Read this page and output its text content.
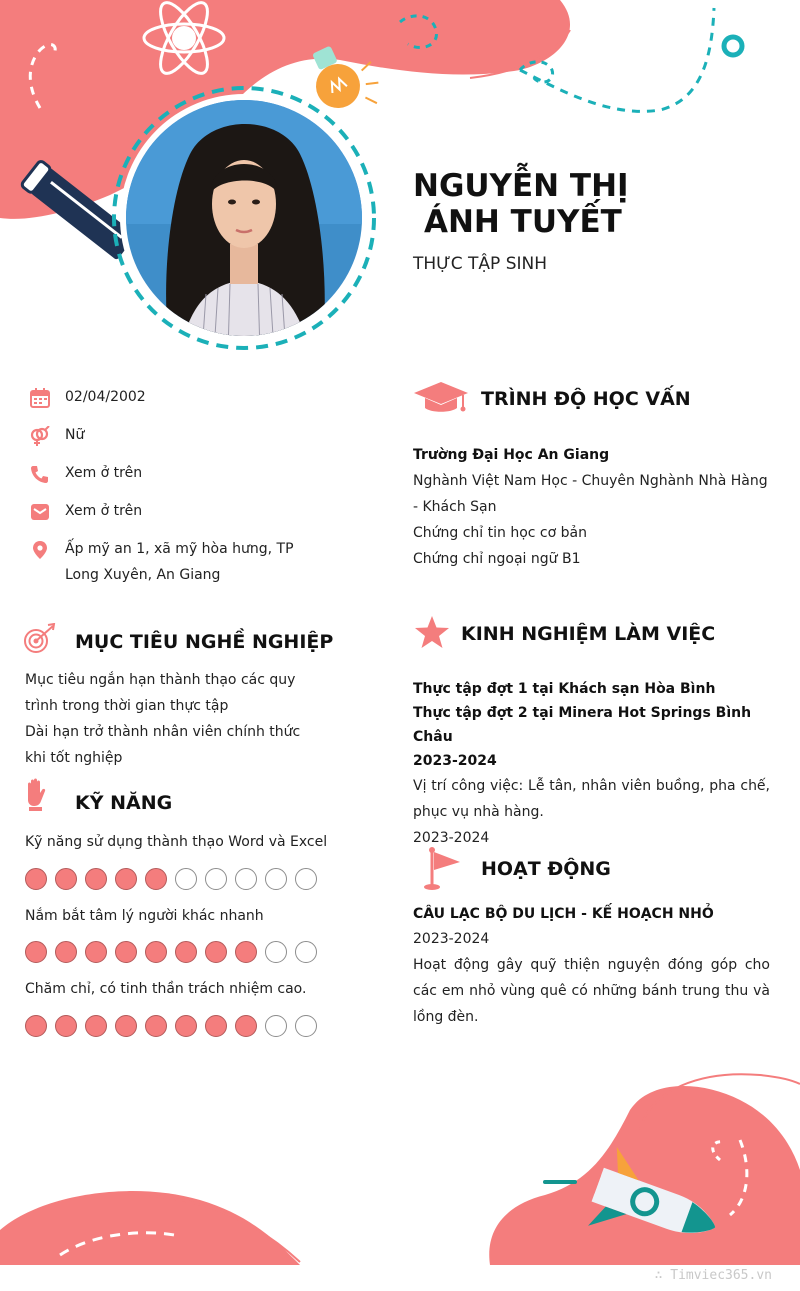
NGUYỄN THỊ
ÁNH TUYẾT
THỰC TẬP SINH
02/04/2002
Nữ
Xem ở trên
Xem ở trên
Ấp mỹ an 1, xã mỹ hòa hưng, TP Long Xuyên, An Giang
MỤC TIÊU NGHỀ NGHIỆP

Mục tiêu ngắn hạn thành thạo các quy trình trong thời gian thực tập

Dài hạn trở thành nhân viên chính thức khi tốt nghiệp

KỸ NĂNG
Kỹ năng sử dụng thành thạo Word và Excel
Nắm bắt tâm lý người khác nhanh
Chăm chỉ, có tinh thần trách nhiệm cao.
TRÌNH ĐỘ HỌC VẤN

Trường Đại Học An Giang

Nghành Việt Nam Học - Chuyên Nghành Nhà Hàng - Khách Sạn

Chứng chỉ tin học cơ bản

Chứng chỉ ngoại ngữ B1

KINH NGHIỆM LÀM VIỆC

Thực tập đợt 1 tại Khách sạn Hòa Bình

Thực tập đợt 2 tại Minera Hot Springs Bình Châu

2023-2024

Vị trí công việc: Lễ tân, nhân viên buồng, pha chế, phục vụ nhà hàng.

2023-2024

HOẠT ĐỘNG

CÂU LẠC BỘ DU LỊCH - KẾ HOẠCH NHỎ

2023-2024

Hoạt động gây quỹ thiện nguyện đóng góp cho các em nhỏ vùng quê có những bánh trung thu và lồng đèn.

∴ Timviec365.vn
